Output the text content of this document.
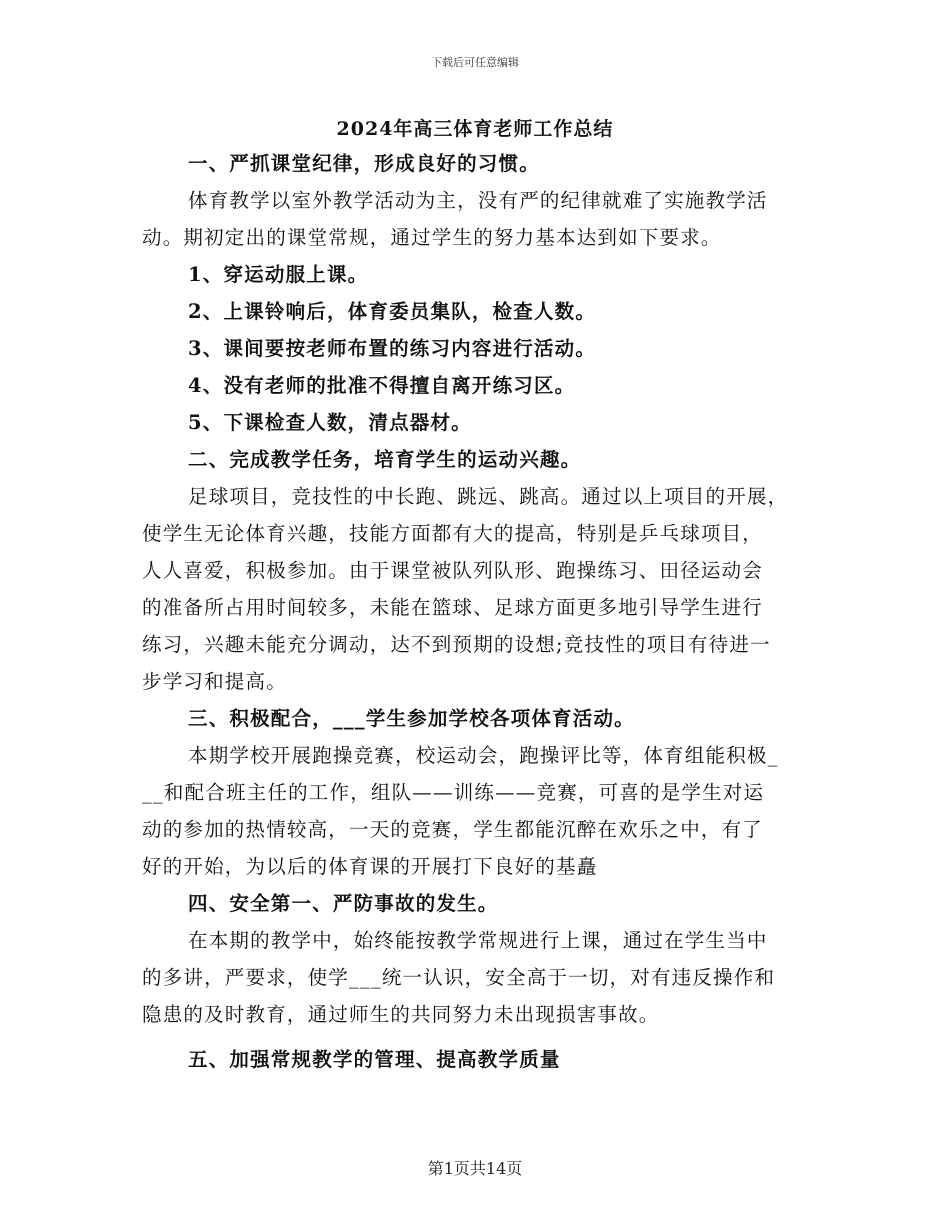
下载后可任意编辑
2024年高三体育老师工作总结
一、严抓课堂纪律，形成良好的习惯。
体育教学以室外教学活动为主，没有严的纪律就难了实施教学活
动。期初定出的课堂常规，通过学生的努力基本达到如下要求。
1、穿运动服上课。
2、上课铃响后，体育委员集队，检查人数。
3、课间要按老师布置的练习内容进行活动。
4、没有老师的批准不得擅自离开练习区。
5、下课检查人数，清点器材。
二、完成教学任务，培育学生的运动兴趣。
足球项目，竞技性的中长跑、跳远、跳高。通过以上项目的开展，
使学生无论体育兴趣，技能方面都有大的提高，特别是乒乓球项目，
人人喜爱，积极参加。由于课堂被队列队形、跑操练习、田径运动会
的准备所占用时间较多，未能在篮球、足球方面更多地引导学生进行
练习，兴趣未能充分调动，达不到预期的设想;竞技性的项目有待进一
步学习和提高。
三、积极配合，___学生参加学校各项体育活动。
本期学校开展跑操竞赛，校运动会，跑操评比等，体育组能积极_
__和配合班主任的工作，组队——训练——竞赛，可喜的是学生对运
动的参加的热情较高，一天的竞赛，学生都能沉醉在欢乐之中，有了
好的开始，为以后的体育课的开展打下良好的基矗
四、安全第一、严防事故的发生。
在本期的教学中，始终能按教学常规进行上课，通过在学生当中
的多讲，严要求，使学___统一认识，安全高于一切，对有违反操作和
隐患的及时教育，通过师生的共同努力未出现损害事故。
五、加强常规教学的管理、提高教学质量
第1页共14页
